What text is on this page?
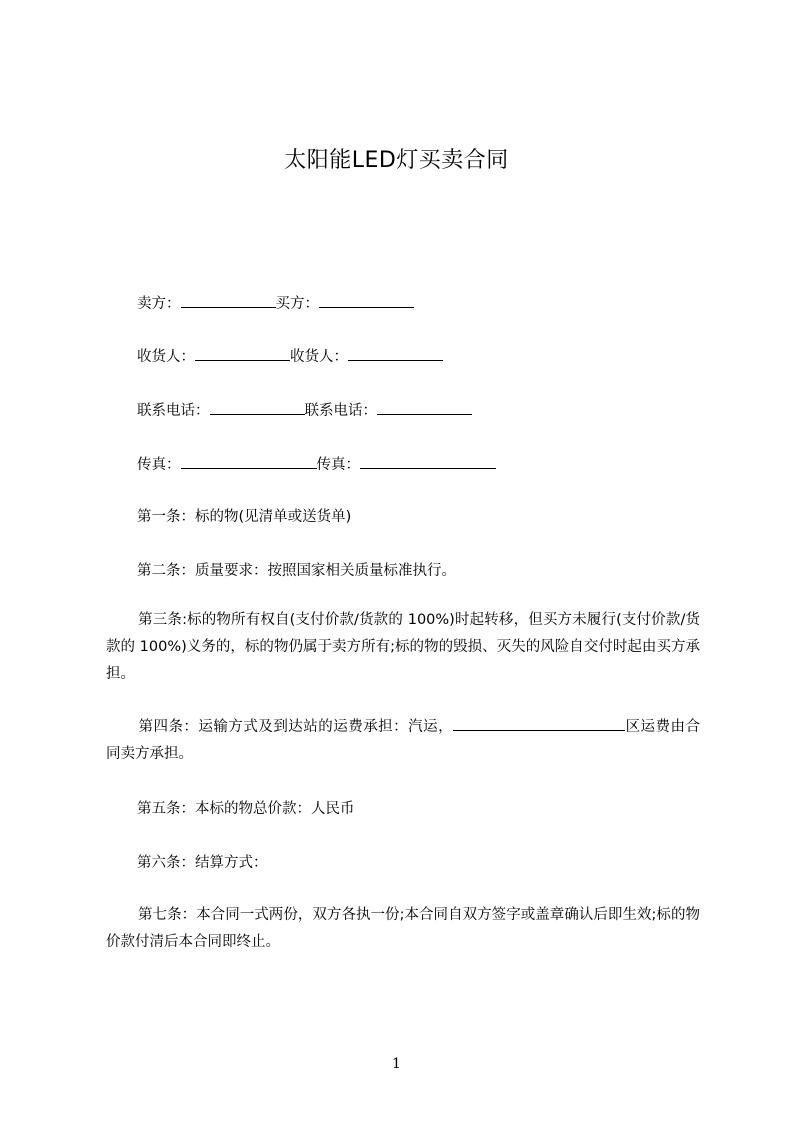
太阳能LED灯买卖合同
卖方：	买方：
收货人：	收货人：
联系电话：	联系电话：
传真：	传真：
第一条：标的物(见清单或送货单)
第二条：质量要求：按照国家相关质量标准执行。
第三条:标的物所有权自(支付价款/货款的 100%)时起转移，但买方未履行(支付价款/货款的 100%)义务的，标的物仍属于卖方所有;标的物的毁损、灭失的风险自交付时起由买方承担。
第四条：运输方式及到达站的运费承担：汽运，	区运费由合同卖方承担。
第五条：本标的物总价款：人民币
第六条：结算方式：
第七条：本合同一式两份，双方各执一份;本合同自双方签字或盖章确认后即生效;标的物价款付清后本合同即终止。
1
